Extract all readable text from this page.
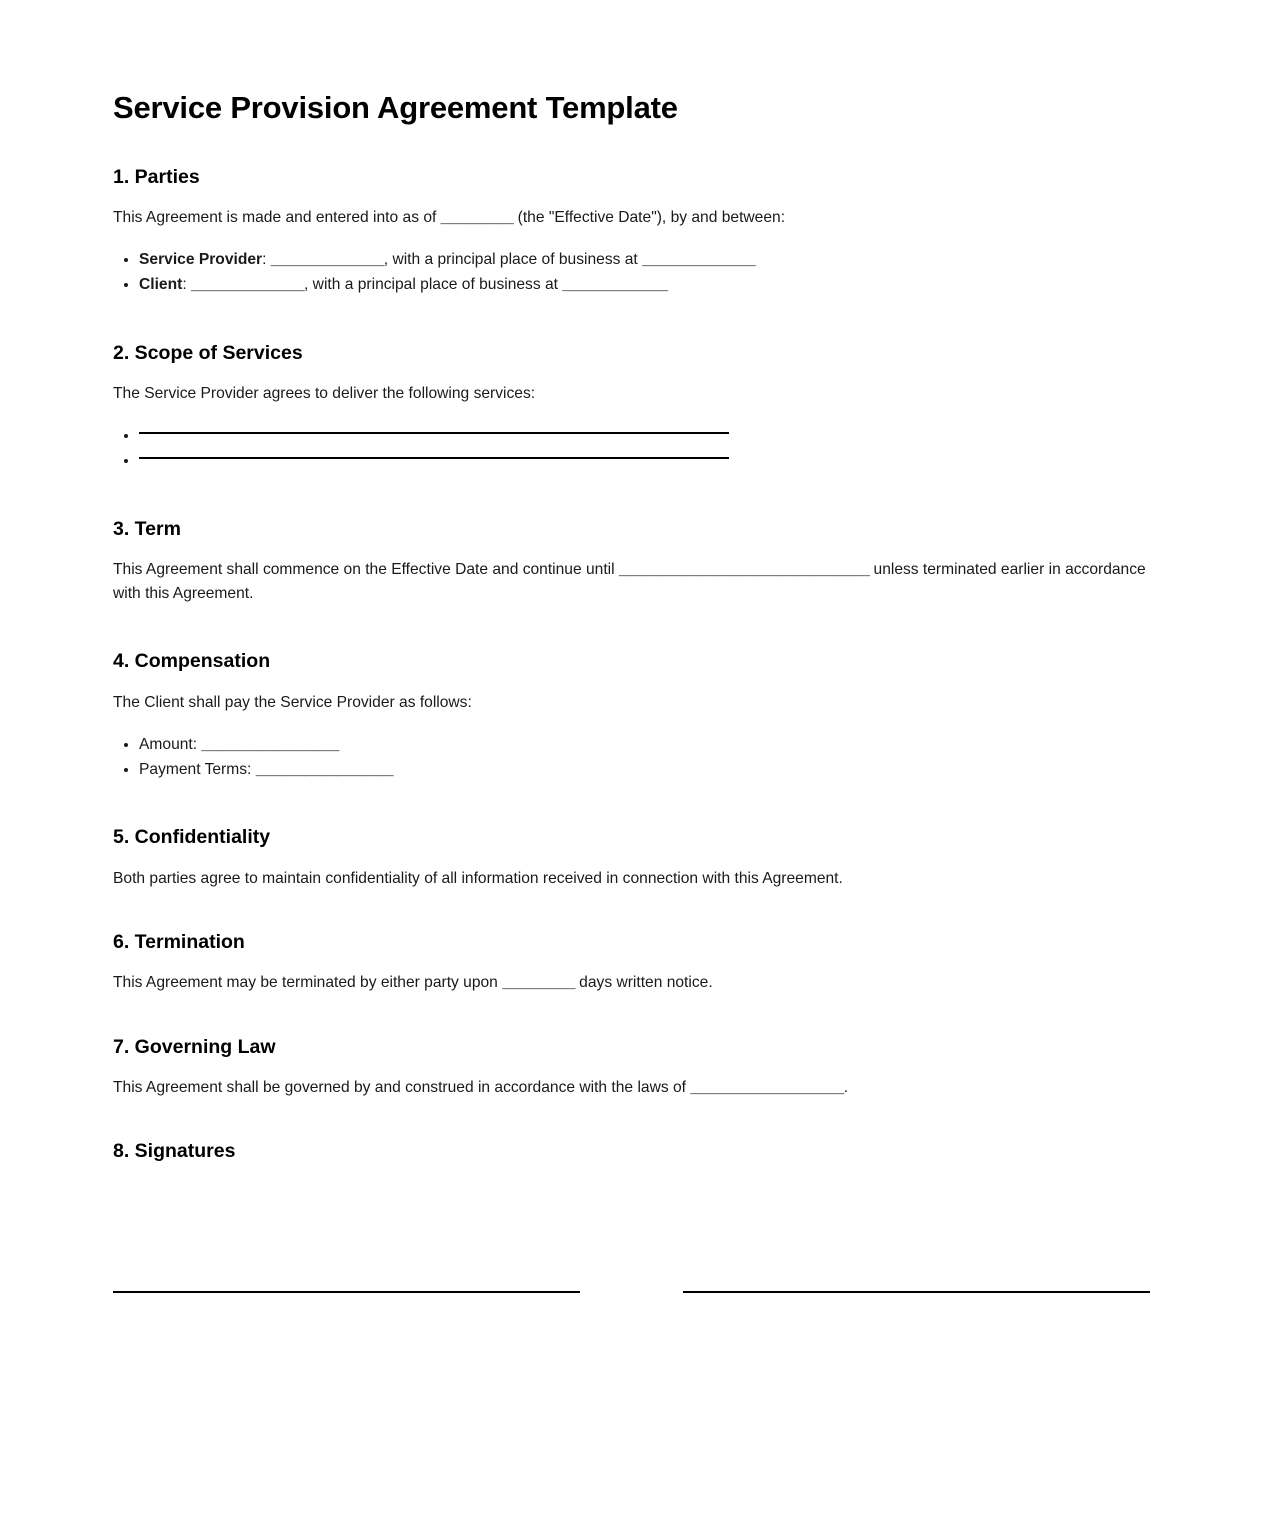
Service Provision Agreement Template
1. Parties

This Agreement is made and entered into as of _________ (the "Effective Date"), by and between:

• Service Provider: ______________, with a principal place of business at ______________
• Client: ______________, with a principal place of business at _____________
2. Scope of Services

The Service Provider agrees to deliver the following services:

•
•
3. Term

This Agreement shall commence on the Effective Date and continue until _______________________________ unless terminated earlier in accordance with this Agreement.

4. Compensation

The Client shall pay the Service Provider as follows:

• Amount: _________________
• Payment Terms: _________________
5. Confidentiality

Both parties agree to maintain confidentiality of all information received in connection with this Agreement.

6. Termination

This Agreement may be terminated by either party upon _________ days written notice.

7. Governing Law

This Agreement shall be governed by and construed in accordance with the laws of ___________________.

8. Signatures
